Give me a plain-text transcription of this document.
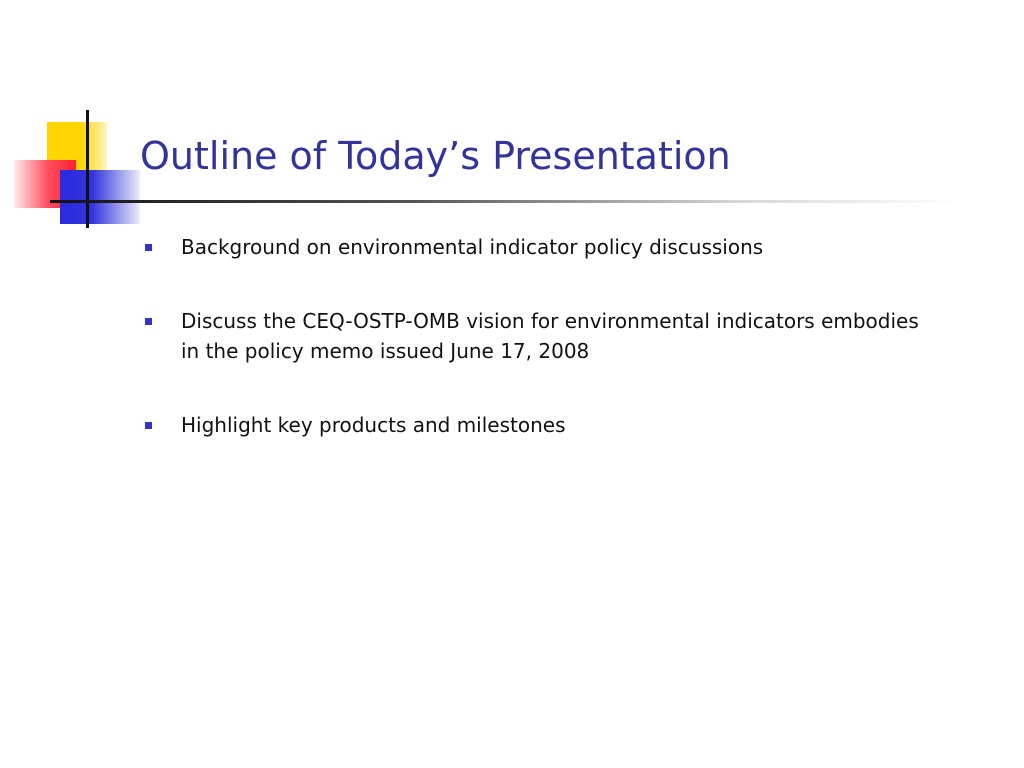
Outline of Today’s Presentation
Background on environmental indicator policy discussions
Discuss the CEQ-OSTP-OMB vision for environmental indicators embodies in the policy memo issued June 17, 2008
Highlight key products and milestones
